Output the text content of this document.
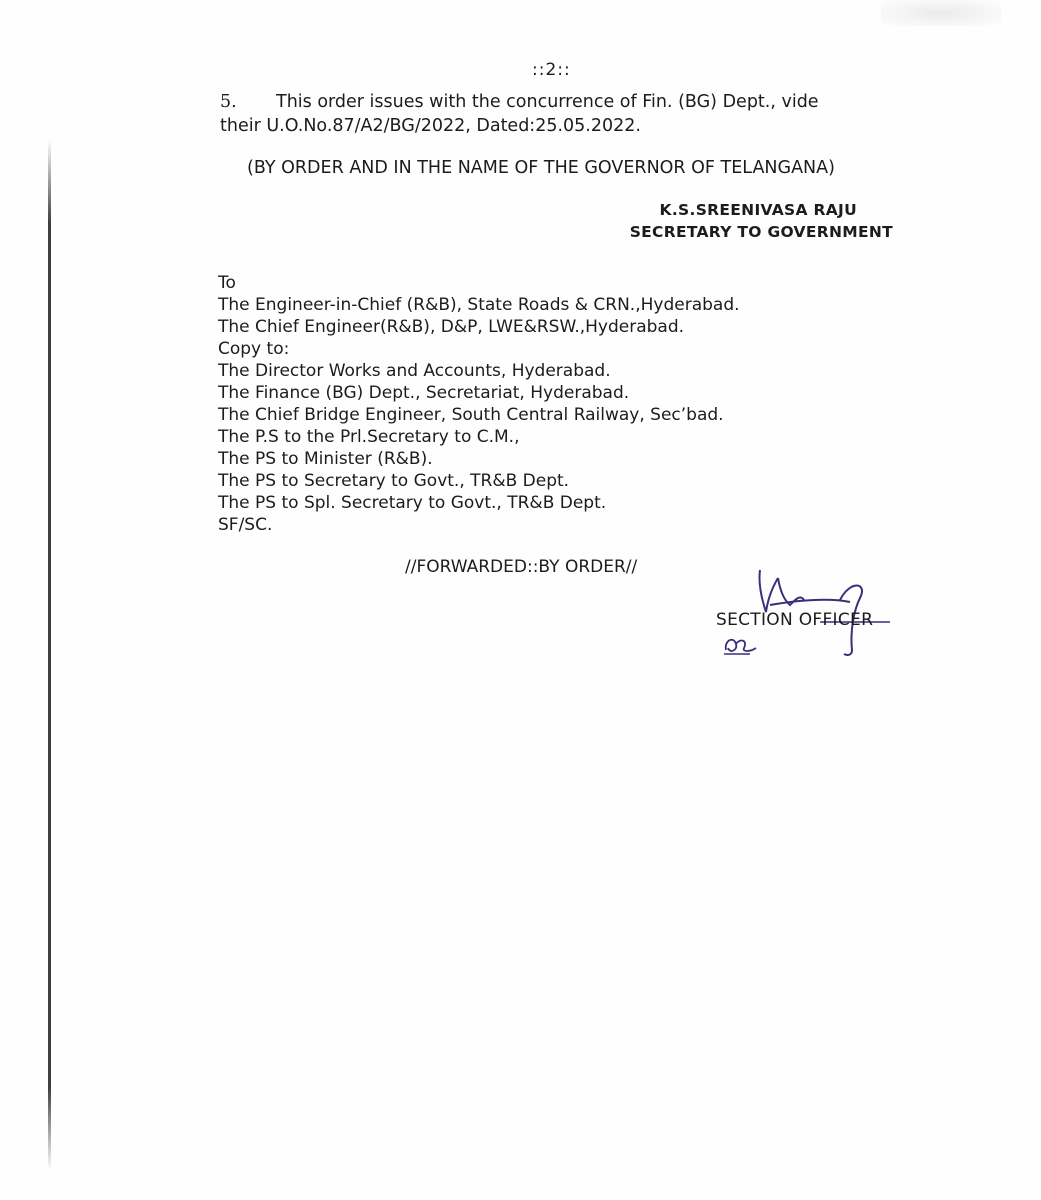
::2::
5. This order issues with the concurrence of Fin. (BG) Dept., vide
their U.O.No.87/A2/BG/2022, Dated:25.05.2022.
(BY ORDER AND IN THE NAME OF THE GOVERNOR OF TELANGANA)
K.S.SREENIVASA RAJU
SECRETARY TO GOVERNMENT
To
The Engineer-in-Chief (R&B), State Roads & CRN.,Hyderabad.
The Chief Engineer(R&B), D&P, LWE&RSW.,Hyderabad.
Copy to:
The Director Works and Accounts, Hyderabad.
The Finance (BG) Dept., Secretariat, Hyderabad.
The Chief Bridge Engineer, South Central Railway, Sec’bad.
The P.S to the Prl.Secretary to C.M.,
The PS to Minister (R&B).
The PS to Secretary to Govt., TR&B Dept.
The PS to Spl. Secretary to Govt., TR&B Dept.
SF/SC.
//FORWARDED::BY ORDER//
SECTION OFFICER
